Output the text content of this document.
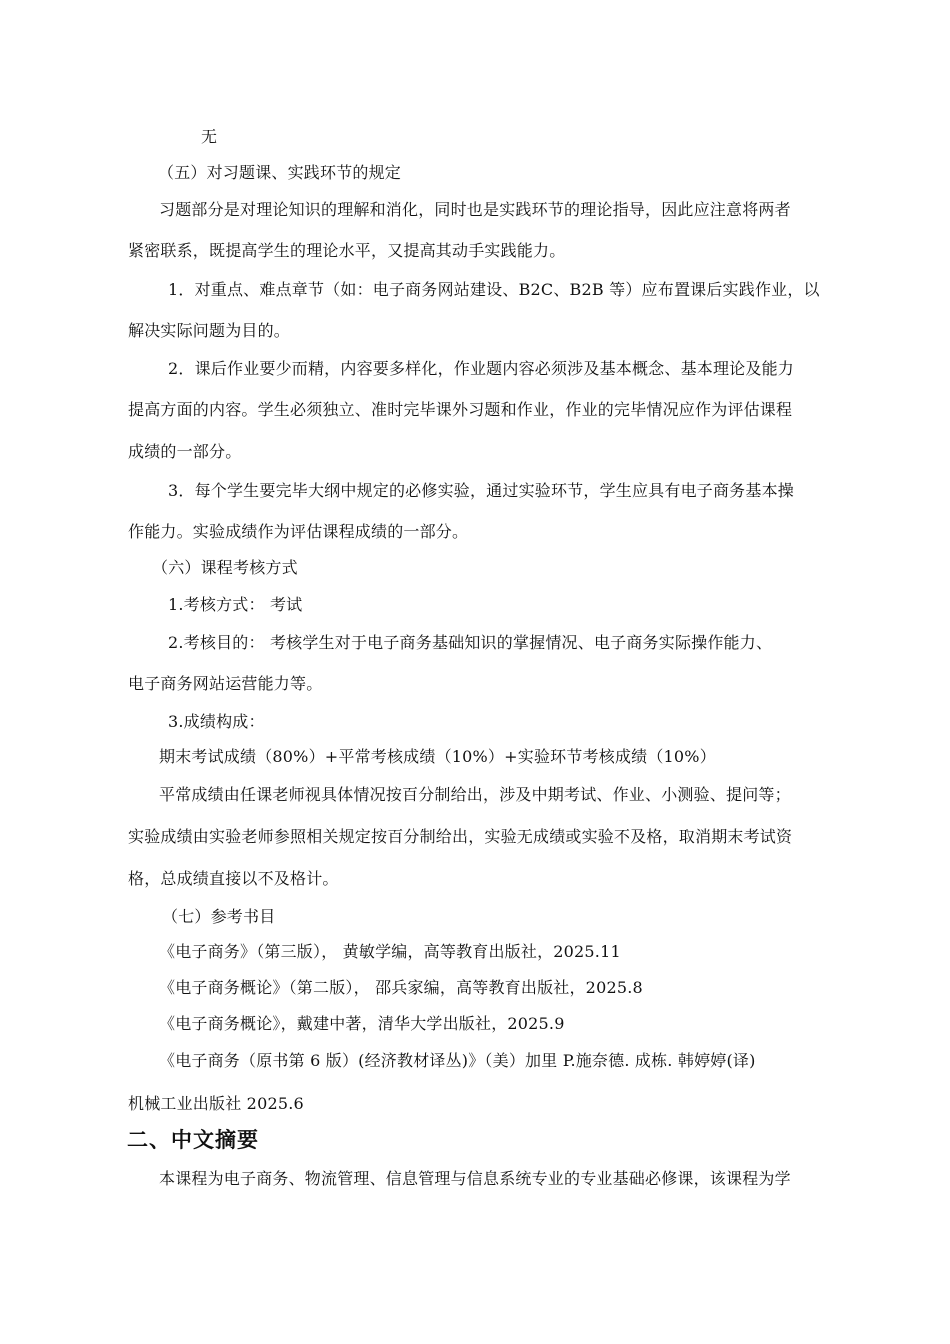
无
（五）对习题课、实践环节的规定
习题部分是对理论知识的理解和消化，同时也是实践环节的理论指导，因此应注意将两者
紧密联系，既提高学生的理论水平，又提高其动手实践能力。
1．对重点、难点章节（如：电子商务网站建设、B2C、B2B 等）应布置课后实践作业，以
解决实际问题为目的。
2．课后作业要少而精，内容要多样化，作业题内容必须涉及基本概念、基本理论及能力
提高方面的内容。学生必须独立、准时完毕课外习题和作业，作业的完毕情况应作为评估课程
成绩的一部分。
3．每个学生要完毕大纲中规定的必修实验，通过实验环节，学生应具有电子商务基本操
作能力。实验成绩作为评估课程成绩的一部分。
（六）课程考核方式
1.考核方式： 考试
2.考核目的： 考核学生对于电子商务基础知识的掌握情况、电子商务实际操作能力、
电子商务网站运营能力等。
3.成绩构成：
期末考试成绩（80%）+平常考核成绩（10%）+实验环节考核成绩（10%）
平常成绩由任课老师视具体情况按百分制给出，涉及中期考试、作业、小测验、提问等；
实验成绩由实验老师参照相关规定按百分制给出，实验无成绩或实验不及格，取消期末考试资
格，总成绩直接以不及格计。
（七）参考书目
《电子商务》（第三版）， 黄敏学编，高等教育出版社，2025.11
《电子商务概论》（第二版）， 邵兵家编，高等教育出版社，2025.8
《电子商务概论》，戴建中著，清华大学出版社，2025.9
《电子商务（原书第 6 版）(经济教材译丛)》（美）加里 P.施奈德. 成栋. 韩婷婷(译)
机械工业出版社 2025.6
二、中文摘要
本课程为电子商务、物流管理、信息管理与信息系统专业的专业基础必修课，该课程为学
